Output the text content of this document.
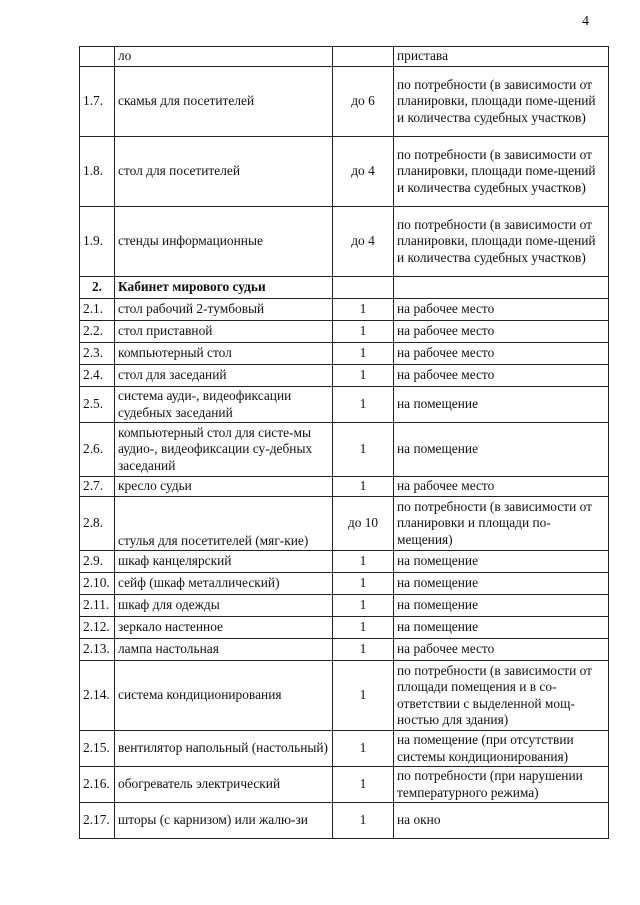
4
	ло		пристава
1.7.	скамья для посетителей	до 6	по потребности (в зависимости от планировки, площади поме-щений и количества судебных участков)
1.8.	стол для посетителей	до 4	по потребности (в зависимости от планировки, площади поме-щений и количества судебных участков)
1.9.	стенды информационные	до 4	по потребности (в зависимости от планировки, площади поме-щений и количества судебных участков)
2.	Кабинет мирового судьи		
2.1.	стол рабочий 2-тумбовый	1	на рабочее место
2.2.	стол приставной	1	на рабочее место
2.3.	компьютерный стол	1	на рабочее место
2.4.	стол для заседаний	1	на рабочее место
2.5.	система ауди-, видеофиксации судебных заседаний	1	на помещение
2.6.	компьютерный стол для систе-мы аудио-, видеофиксации су-дебных заседаний	1	на помещение
2.7.	кресло судьи	1	на рабочее место
2.8.	стулья для посетителей (мяг-кие)	до 10	по потребности (в зависимости от планировки и площади по-мещения)
2.9.	шкаф канцелярский	1	на помещение
2.10.	сейф (шкаф металлический)	1	на помещение
2.11.	шкаф для одежды	1	на помещение
2.12.	зеркало настенное	1	на помещение
2.13.	лампа настольная	1	на рабочее место
2.14.	система кондиционирования	1	по потребности (в зависимости от площади помещения и в со-ответствии с выделенной мощ-ностью для здания)
2.15.	вентилятор напольный (настольный)	1	на помещение (при отсутствии системы кондиционирования)
2.16.	обогреватель электрический	1	по потребности (при нарушении температурного режима)
2.17.	шторы (с карнизом) или жалю-зи	1	на окно
